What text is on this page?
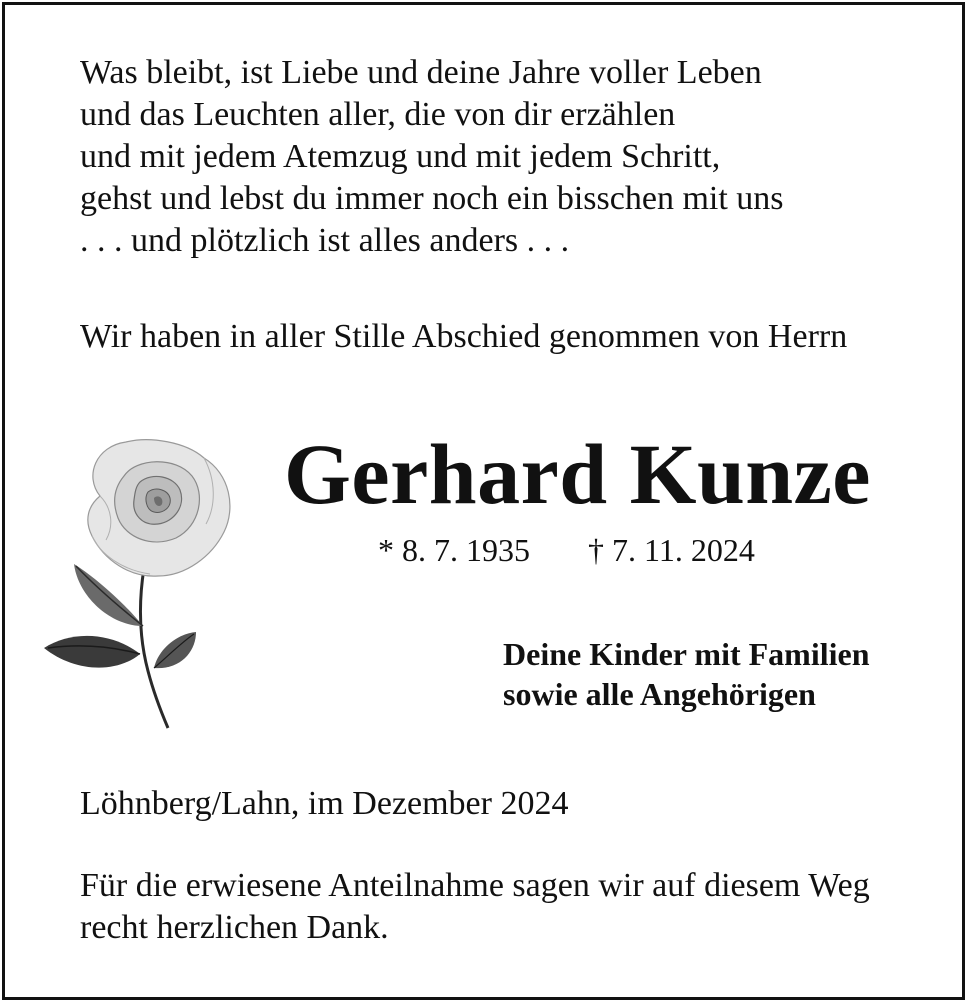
Was bleibt, ist Liebe und deine Jahre voller Leben
und das Leuchten aller, die von dir erzählen
und mit jedem Atemzug und mit jedem Schritt,
gehst und lebst du immer noch ein bisschen mit uns
. . . und plötzlich ist alles anders . . .
Wir haben in aller Stille Abschied genommen von Herrn
Gerhard Kunze
* 8. 7. 1935 † 7. 11. 2024
Deine Kinder mit Familien
sowie alle Angehörigen
Löhnberg/Lahn, im Dezember 2024
Für die erwiesene Anteilnahme sagen wir auf diesem Weg
recht herzlichen Dank.
